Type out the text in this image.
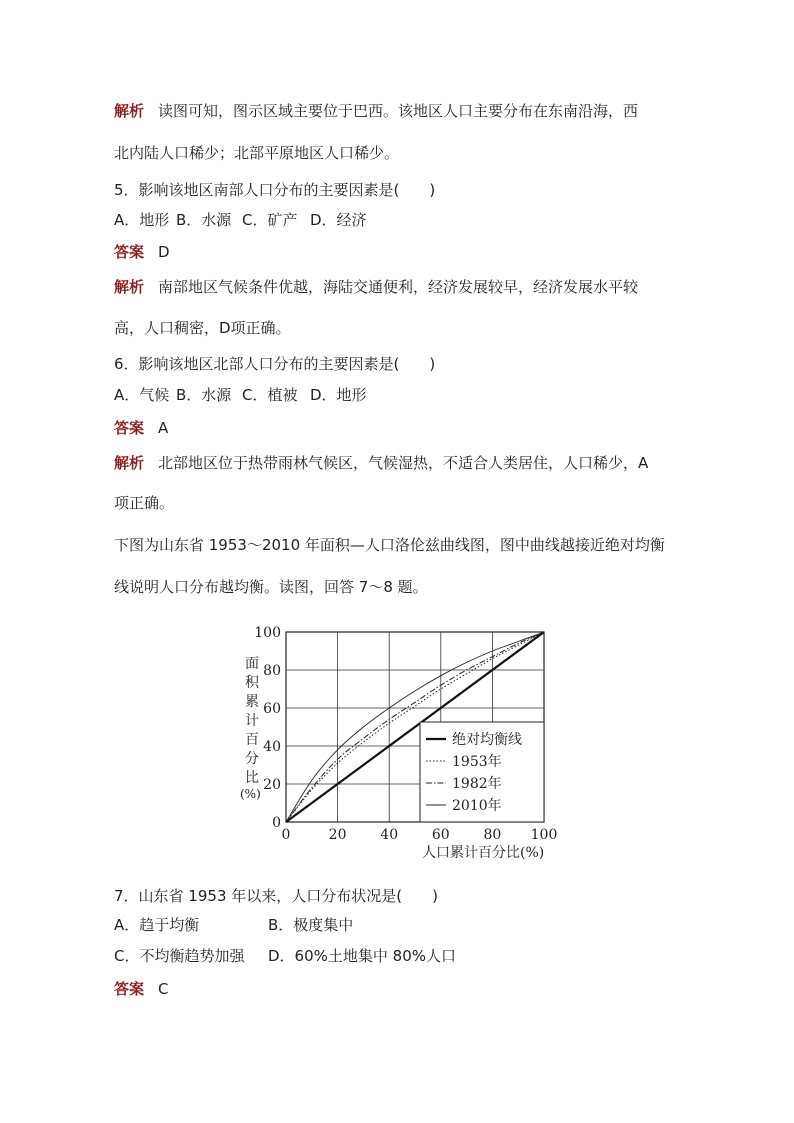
解析 读图可知，图示区域主要位于巴西。该地区人口主要分布在东南沿海，西
北内陆人口稀少；北部平原地区人口稀少。
5．影响该地区南部人口分布的主要因素是(　　)
A．地形 B．水源 C．矿产 D．经济
答案 D
解析 南部地区气候条件优越，海陆交通便利，经济发展较早，经济发展水平较
高，人口稠密，D项正确。
6．影响该地区北部人口分布的主要因素是(　　)
A．气候 B．水源 C．植被 D．地形
答案 A
解析 北部地区位于热带雨林气候区，气候湿热，不适合人类居住，人口稀少，A
项正确。
下图为山东省 1953～2010 年面积—人口洛伦兹曲线图，图中曲线越接近绝对均衡
线说明人口分布越均衡。读图，回答 7～8 题。
0	20 40 60 80 100
0
20
40
60
80
100
绝对均衡线
1953年
1982年
2010年
面积累计百分比
(%)
人口累计百分比(%)
7．山东省 1953 年以来，人口分布状况是(　　)
A．趋于均衡	B．极度集中
C．不均衡趋势加强 D．60%土地集中 80%人口
答案 C
